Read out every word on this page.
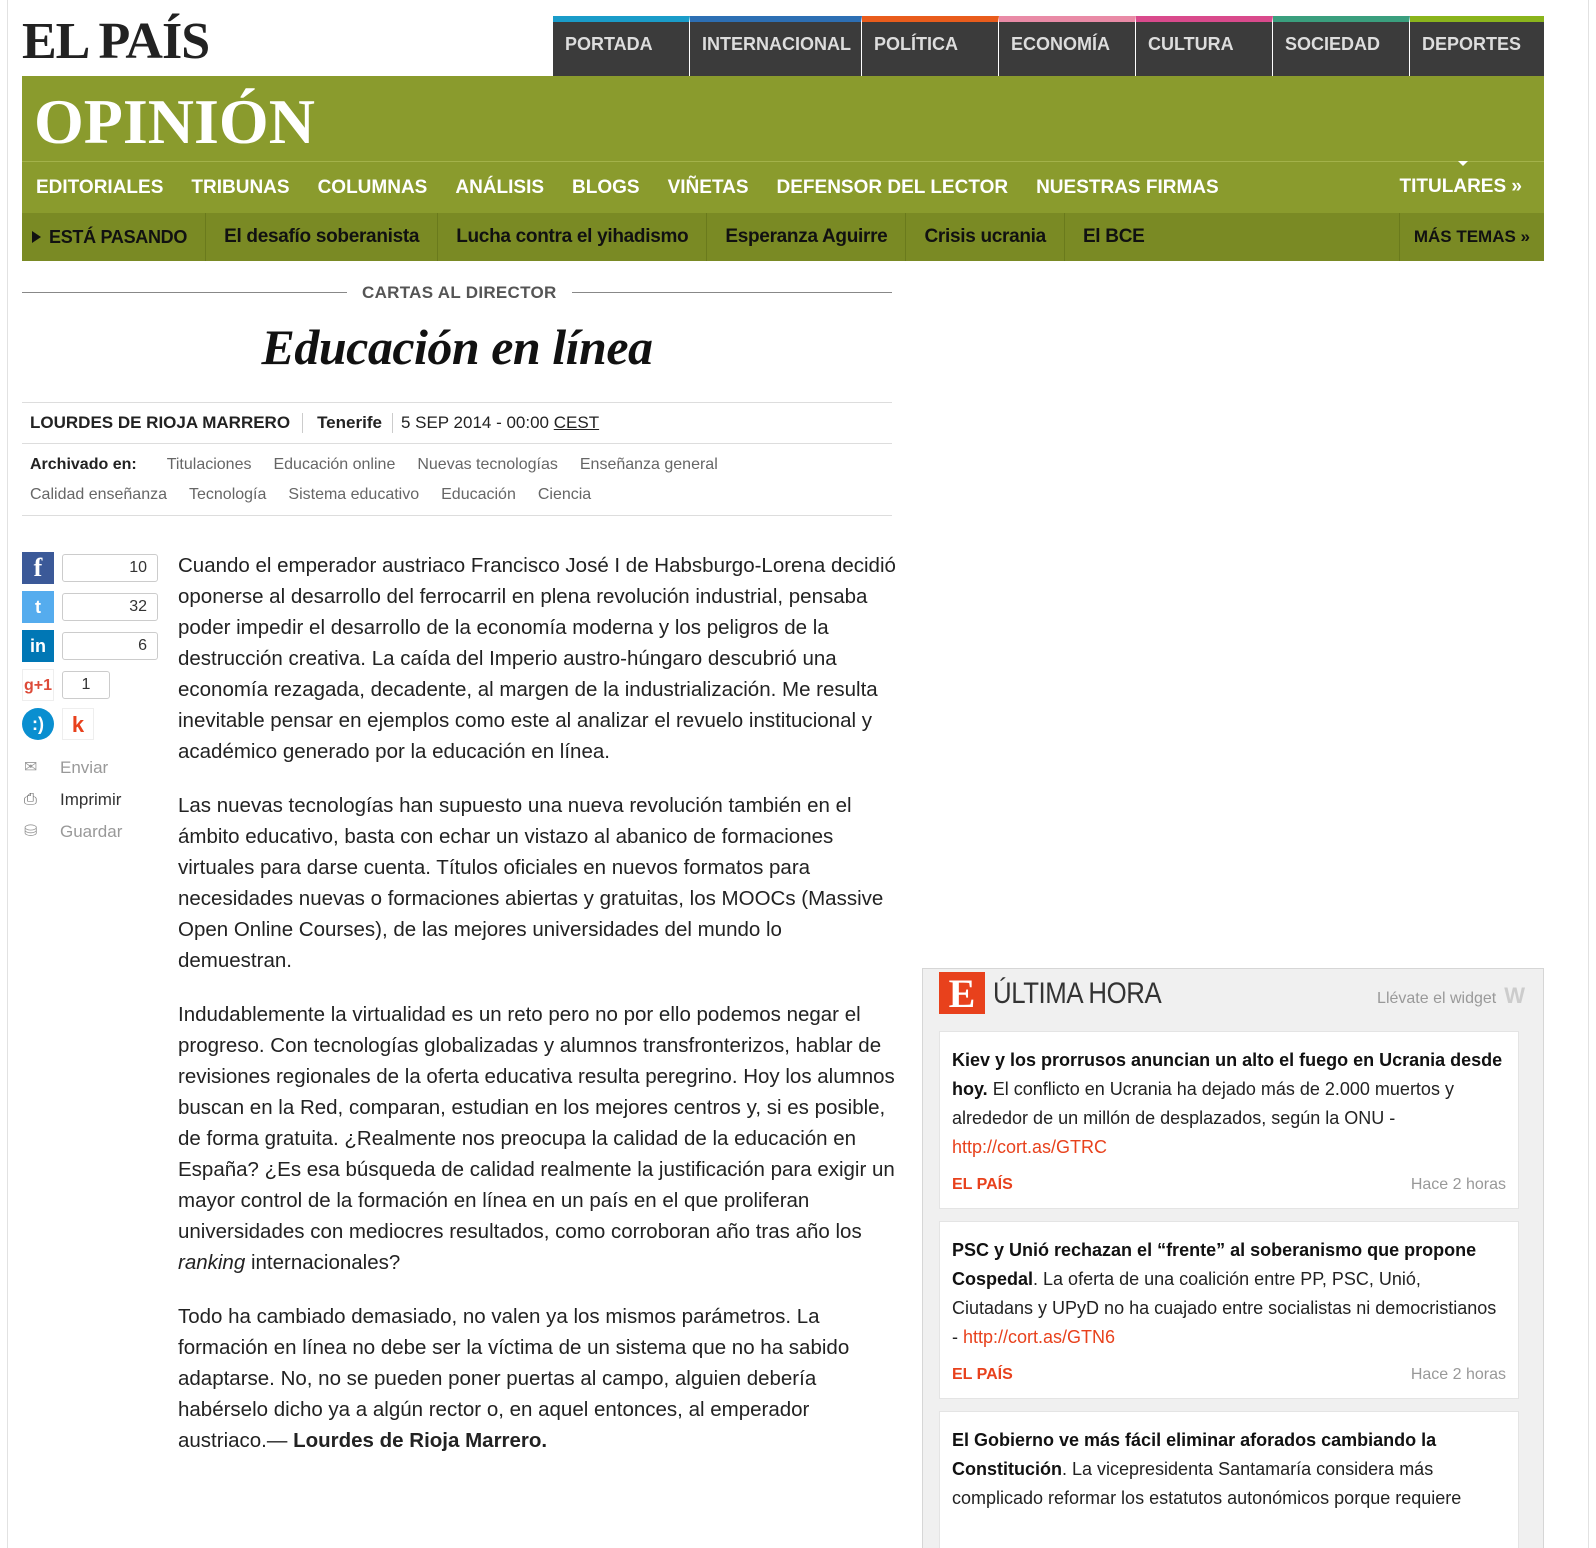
EL PAÍS	PORTADA	INTERNACIONAL	POLÍTICA	ECONOMÍA	CULTURA	SOCIEDAD	DEPORTES
OPINIÓN
EDITORIALES TRIBUNAS COLUMNAS ANÁLISIS BLOGS VIÑETAS DEFENSOR DEL LECTOR NUESTRAS FIRMAS	TITULARES »
ESTÁ PASANDO	El desafío soberanista	Lucha contra el yihadismo	Esperanza Aguirre	Crisis ucrania	El BCE	MÁS TEMAS »
CARTAS AL DIRECTOR
Educación en línea
LOURDES DE RIOJA MARRERO	Tenerife	5 SEP 2014 - 00:00 CEST
Archivado en: Titulaciones Educación online Nuevas tecnologías Enseñanza general
Calidad enseñanza Tecnología Sistema educativo Educación Ciencia
f	10
t	32
in	6
g+1	1
:)	k
✉	Enviar
⎙	Imprimir
⛁	Guardar

Cuando el emperador austriaco Francisco José I de Habsburgo-Lorena decidió oponerse al desarrollo del ferrocarril en plena revolución industrial, pensaba poder impedir el desarrollo de la economía moderna y los peligros de la destrucción creativa. La caída del Imperio austro-húngaro descubrió una economía rezagada, decadente, al margen de la industrialización. Me resulta inevitable pensar en ejemplos como este al analizar el revuelo institucional y académico generado por la educación en línea.

Las nuevas tecnologías han supuesto una nueva revolución también en el ámbito educativo, basta con echar un vistazo al abanico de formaciones virtuales para darse cuenta. Títulos oficiales en nuevos formatos para necesidades nuevas o formaciones abiertas y gratuitas, los MOOCs (Massive Open Online Courses), de las mejores universidades del mundo lo demuestran.

Indudablemente la virtualidad es un reto pero no por ello podemos negar el progreso. Con tecnologías globalizadas y alumnos transfronterizos, hablar de revisiones regionales de la oferta educativa resulta peregrino. Hoy los alumnos buscan en la Red, comparan, estudian en los mejores centros y, si es posible, de forma gratuita. ¿Realmente nos preocupa la calidad de la educación en España? ¿Es esa búsqueda de calidad realmente la justificación para exigir un mayor control de la formación en línea en un país en el que proliferan universidades con mediocres resultados, como corroboran año tras año los ranking internacionales?

Todo ha cambiado demasiado, no valen ya los mismos parámetros. La formación en línea no debe ser la víctima de un sistema que no ha sabido adaptarse. No, no se pueden poner puertas al campo, alguien debería habérselo dicho ya a algún rector o, en aquel entonces, al emperador austriaco.— Lourdes de Rioja Marrero.

E ÚLTIMA HORA	Llévate el widget W
Kiev y los prorrusos anuncian un alto el fuego en Ucrania desde hoy. El conflicto en Ucrania ha dejado más de 2.000 muertos y alrededor de un millón de desplazados, según la ONU - http://cort.as/GTRC
EL PAÍS	Hace 2 horas
PSC y Unió rechazan el “frente” al soberanismo que propone Cospedal. La oferta de una coalición entre PP, PSC, Unió, Ciutadans y UPyD no ha cuajado entre socialistas ni democristianos - http://cort.as/GTN6
EL PAÍS	Hace 2 horas
El Gobierno ve más fácil eliminar aforados cambiando la Constitución. La vicepresidenta Santamaría considera más complicado reformar los estatutos autonómicos porque requiere
